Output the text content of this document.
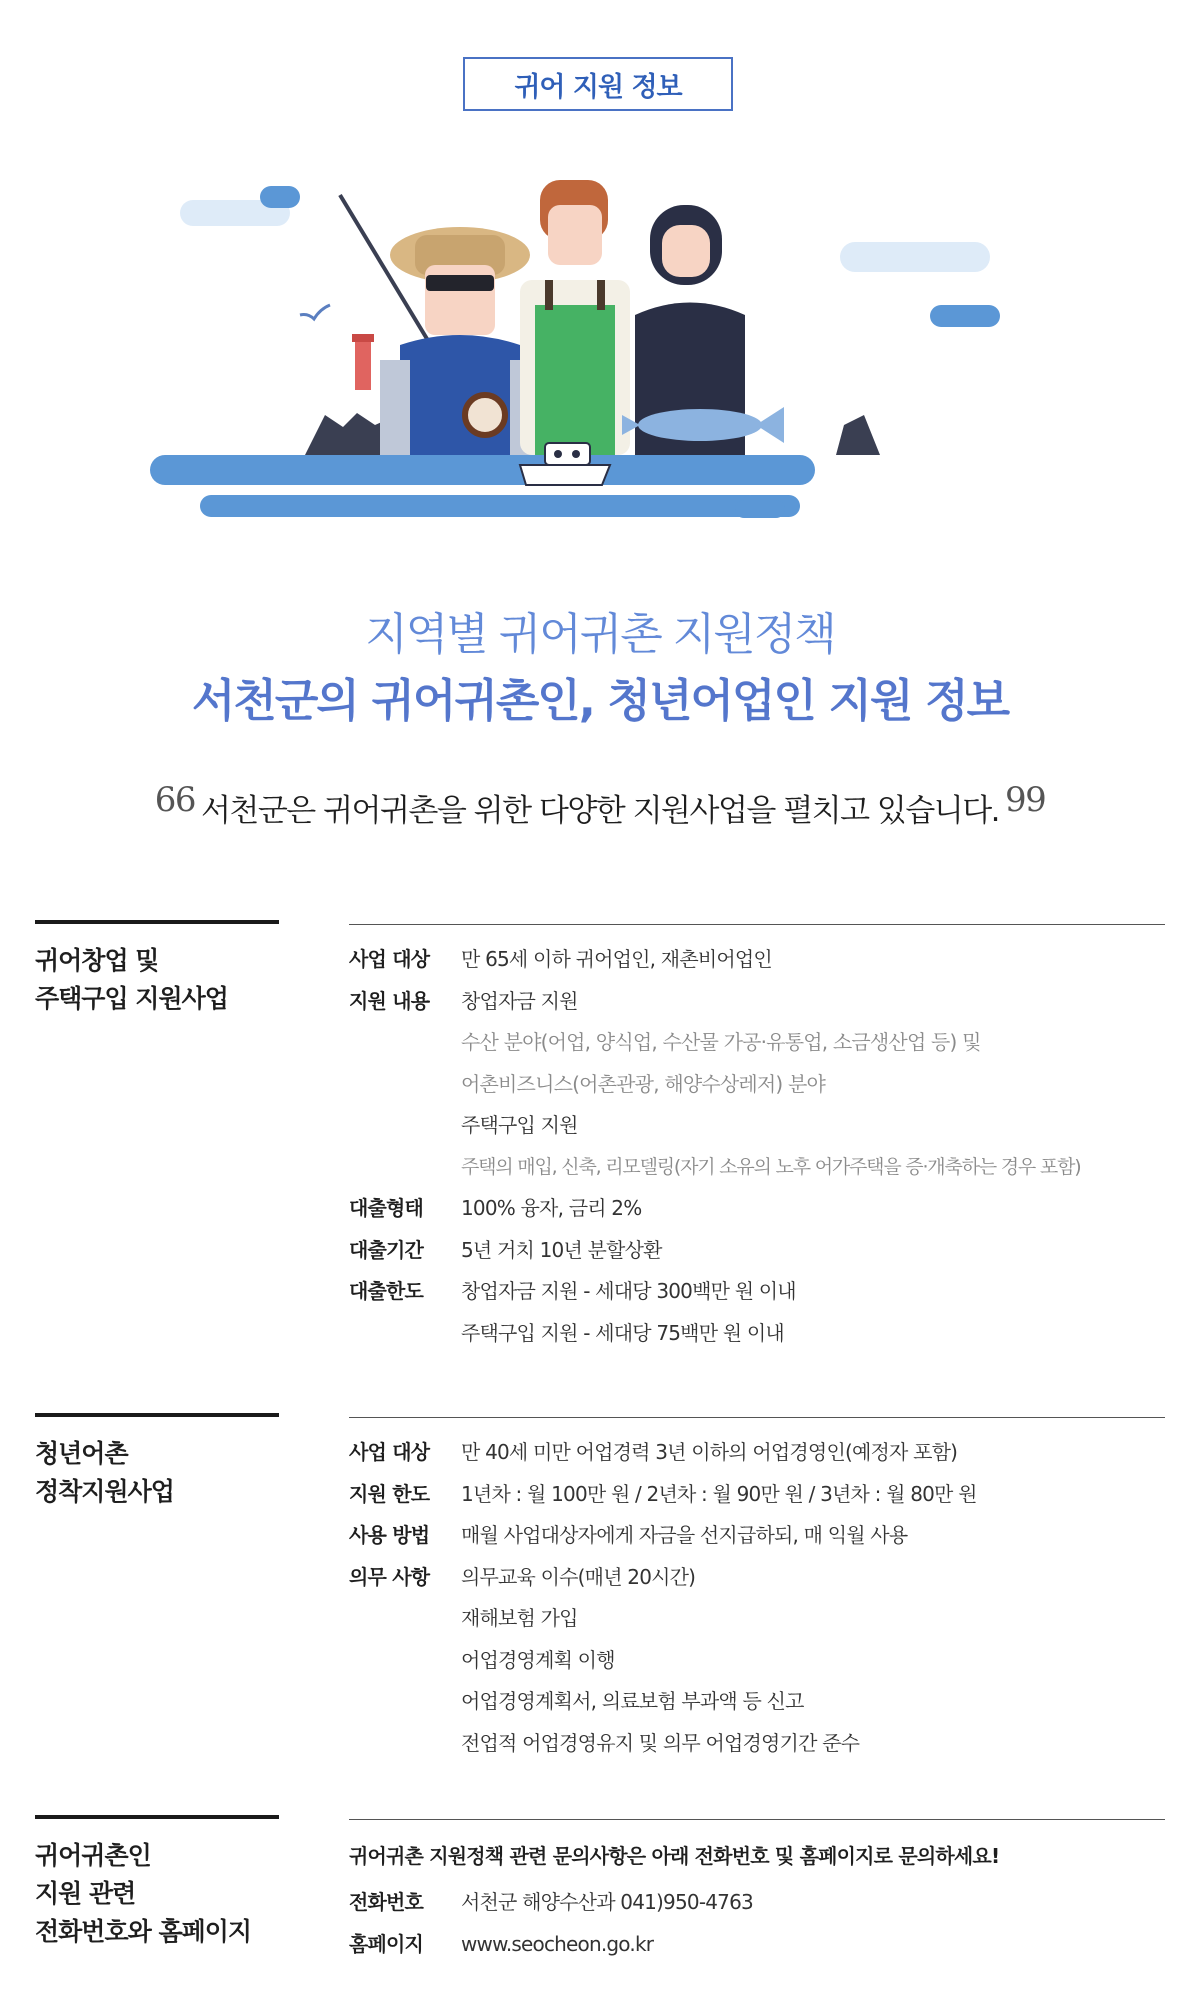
귀어 지원 정보
지역별 귀어귀촌 지원정책
서천군의 귀어귀촌인, 청년어업인 지원 정보
66 서천군은 귀어귀촌을 위한 다양한 지원사업을 펼치고 있습니다. 99
귀어창업 및
주택구입 지원사업
사업 대상	만 65세 이하 귀어업인, 재촌비어업인
지원 내용	창업자금 지원
수산 분야(어업, 양식업, 수산물 가공·유통업, 소금생산업 등) 및
어촌비즈니스(어촌관광, 해양수상레저) 분야
주택구입 지원
주택의 매입, 신축, 리모델링(자기 소유의 노후 어가주택을 증·개축하는 경우 포함)
대출형태	100% 융자, 금리 2%
대출기간	5년 거치 10년 분할상환
대출한도	창업자금 지원 - 세대당 300백만 원 이내
주택구입 지원 - 세대당 75백만 원 이내
청년어촌
정착지원사업
사업 대상	만 40세 미만 어업경력 3년 이하의 어업경영인(예정자 포함)
지원 한도	1년차 : 월 100만 원 / 2년차 : 월 90만 원 / 3년차 : 월 80만 원
사용 방법	매월 사업대상자에게 자금을 선지급하되, 매 익월 사용
의무 사항	의무교육 이수(매년 20시간)
재해보험 가입
어업경영계획 이행
어업경영계획서, 의료보험 부과액 등 신고
전업적 어업경영유지 및 의무 어업경영기간 준수
귀어귀촌인
지원 관련
전화번호와 홈페이지
귀어귀촌 지원정책 관련 문의사항은 아래 전화번호 및 홈페이지로 문의하세요!
전화번호	서천군 해양수산과 041)950-4763
홈페이지	www.seocheon.go.kr
